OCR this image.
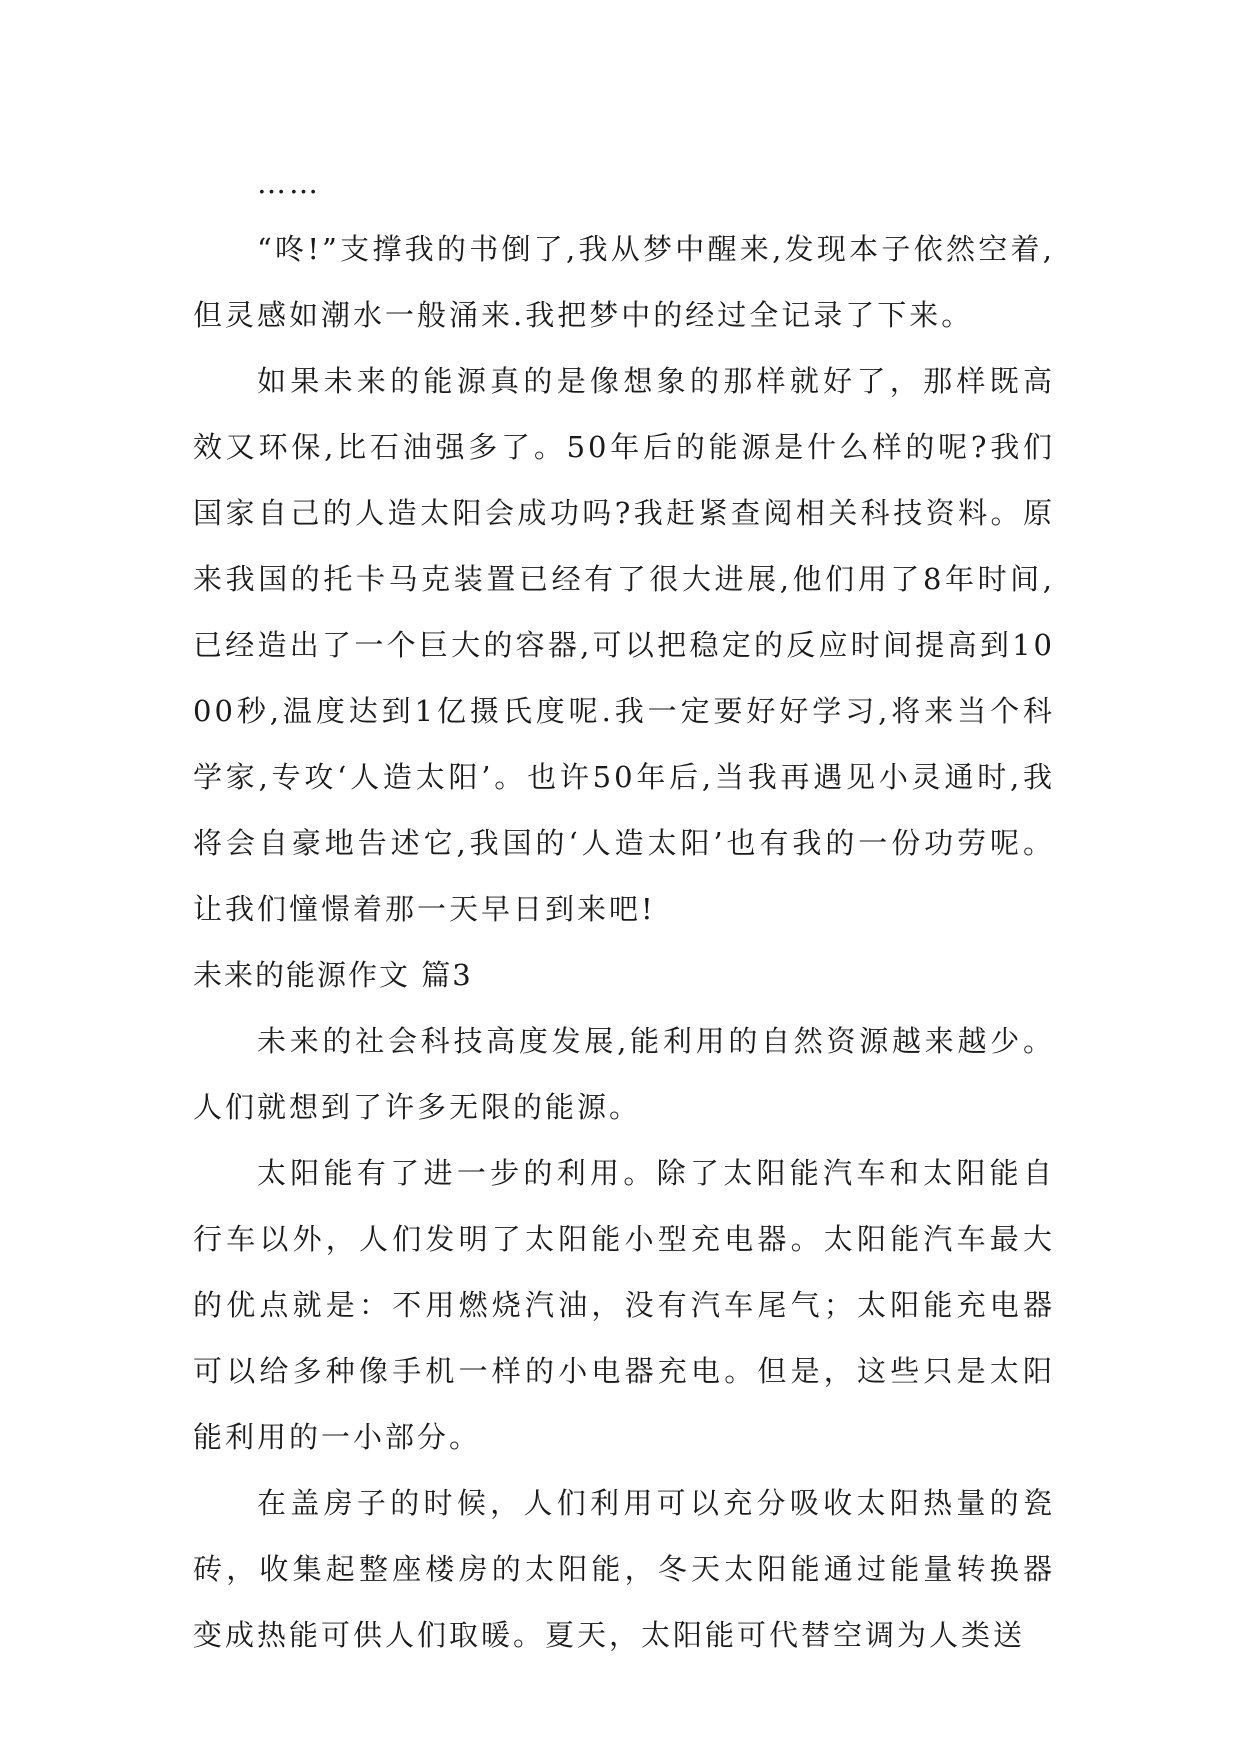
……

“咚!”支撑我的书倒了,我从梦中醒来,发现本子依然空着,但灵感如潮水一般涌来.我把梦中的经过全记录了下来。

如果未来的能源真的是像想象的那样就好了，那样既高效又环保,比石油强多了。50年后的能源是什么样的呢?我们国家自己的人造太阳会成功吗?我赶紧查阅相关科技资料。原来我国的托卡马克装置已经有了很大进展,他们用了8年时间,已经造出了一个巨大的容器,可以把稳定的反应时间提高到1000秒,温度达到1亿摄氏度呢.我一定要好好学习,将来当个科学家,专攻‘人造太阳’。也许50年后,当我再遇见小灵通时,我将会自豪地告述它,我国的‘人造太阳’也有我的一份功劳呢。让我们憧憬着那一天早日到来吧!

未来的能源作文 篇3

未来的社会科技高度发展,能利用的自然资源越来越少。人们就想到了许多无限的能源。

太阳能有了进一步的利用。除了太阳能汽车和太阳能自行车以外，人们发明了太阳能小型充电器。太阳能汽车最大的优点就是：不用燃烧汽油，没有汽车尾气；太阳能充电器可以给多种像手机一样的小电器充电。但是，这些只是太阳能利用的一小部分。

在盖房子的时候，人们利用可以充分吸收太阳热量的瓷砖，收集起整座楼房的太阳能，冬天太阳能通过能量转换器变成热能可供人们取暖。夏天，太阳能可代替空调为人类送
